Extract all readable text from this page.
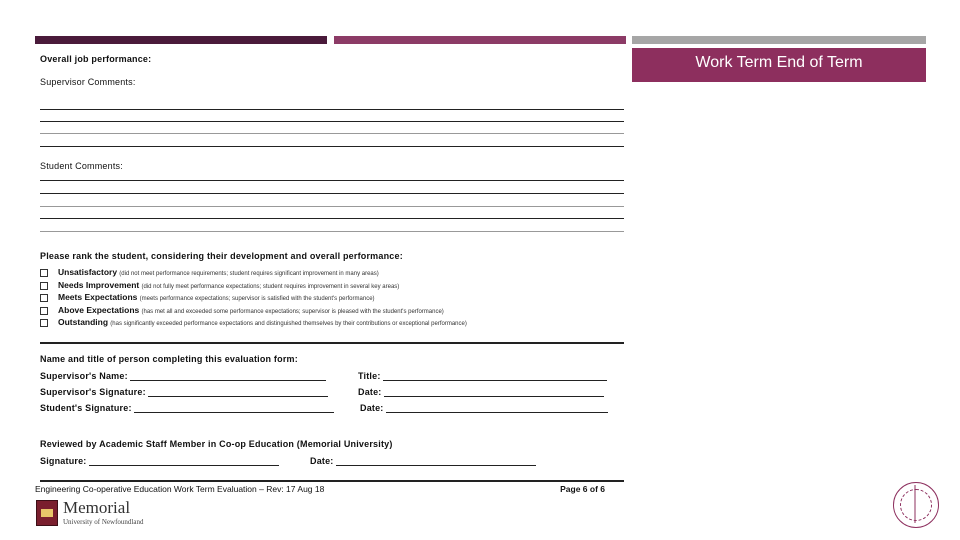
Work Term End of Term Evaluation
Overall job performance:
Supervisor Comments:
Student Comments:
Please rank the student, considering their development and overall performance:
Unsatisfactory (did not meet performance requirements; student requires significant improvement in many areas)
Needs Improvement (did not fully meet performance expectations; student requires improvement in several key areas)
Meets Expectations (meets performance expectations; supervisor is satisfied with the student's performance)
Above Expectations (has met all and exceeded some performance expectations; supervisor is pleased with the student's performance)
Outstanding (has significantly exceeded performance expectations and distinguished themselves by their contributions or exceptional performance)
Name and title of person completing this evaluation form:
Supervisor's Name:	Title:
Supervisor's Signature:	Date:
Student's Signature:	Date:
Reviewed by Academic Staff Member in Co-op Education (Memorial University)
Signature:	Date:
Engineering Co-operative Education Work Term Evaluation – Rev: 17 Aug 18	Page 6 of 6
Memorial
University of Newfoundland
